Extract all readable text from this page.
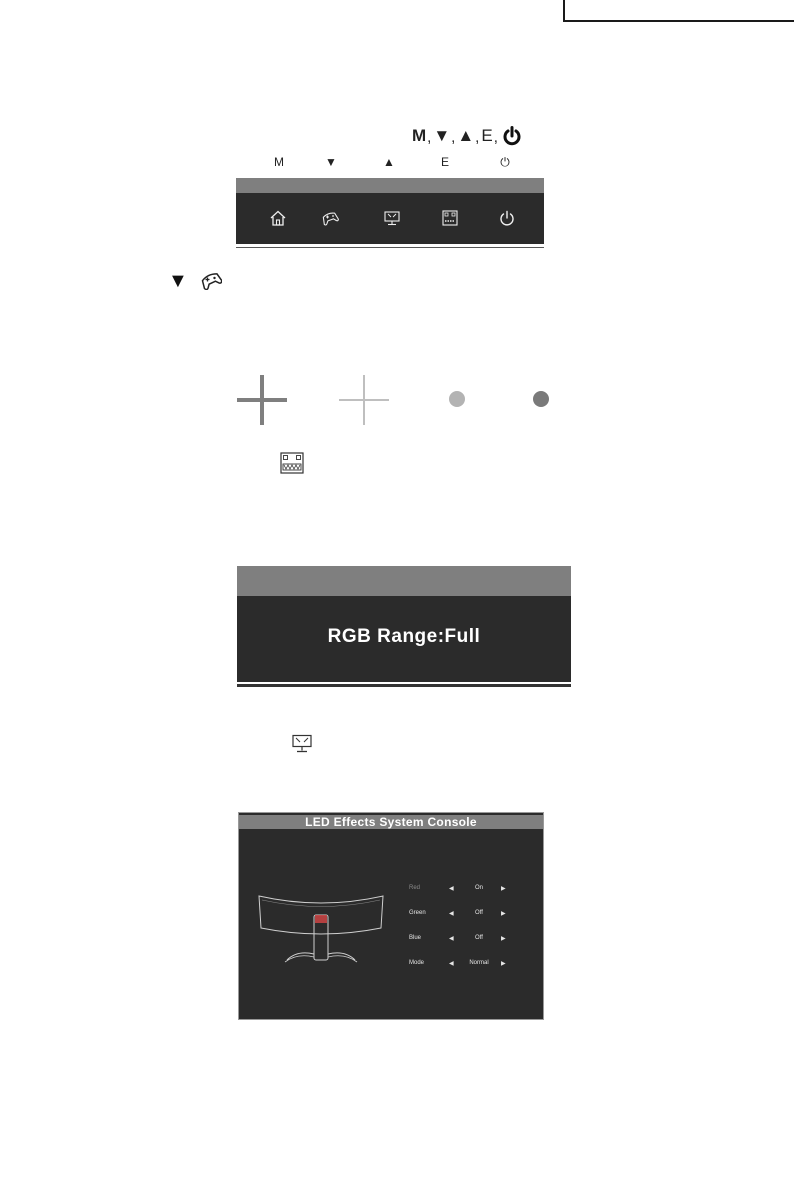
M , ▼ , ▲ , E ,
M	▼	▲	E	⏻
▼
RGB Range:Full
LED Effects System Console
Red	◀	On	▶
Green	◀	Off	▶
Blue	◀	Off	▶
Mode	◀	Normal	▶
